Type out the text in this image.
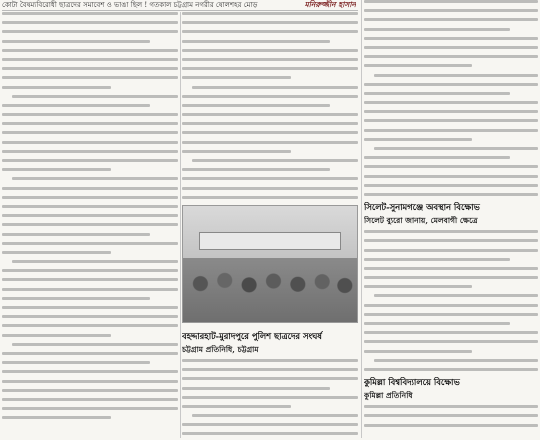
কোটা বৈষম্যবিরোধী ছাত্রদের সমাবেশ ও ভাঙা ছিল ! গতকাল চট্টগ্রাম নগরীর ষোলশহর মোড়	মনিরুজ্জীন হাসান
বহদ্দারহাট-মুরাদপুরে পুলিশ ছাত্রদের সংঘর্ষ
চট্টগ্রাম প্রতিনিধি, চট্টগ্রাম
সিলেট-সুনামগঞ্জে অবস্থান বিক্ষোভ
সিলেট ব্যুরো জানায়, মেলবাগী ক্ষেত্রে
কুমিল্লা বিশ্ববিদ্যালয়ে বিক্ষোভ
কুমিল্লা প্রতিনিধি
